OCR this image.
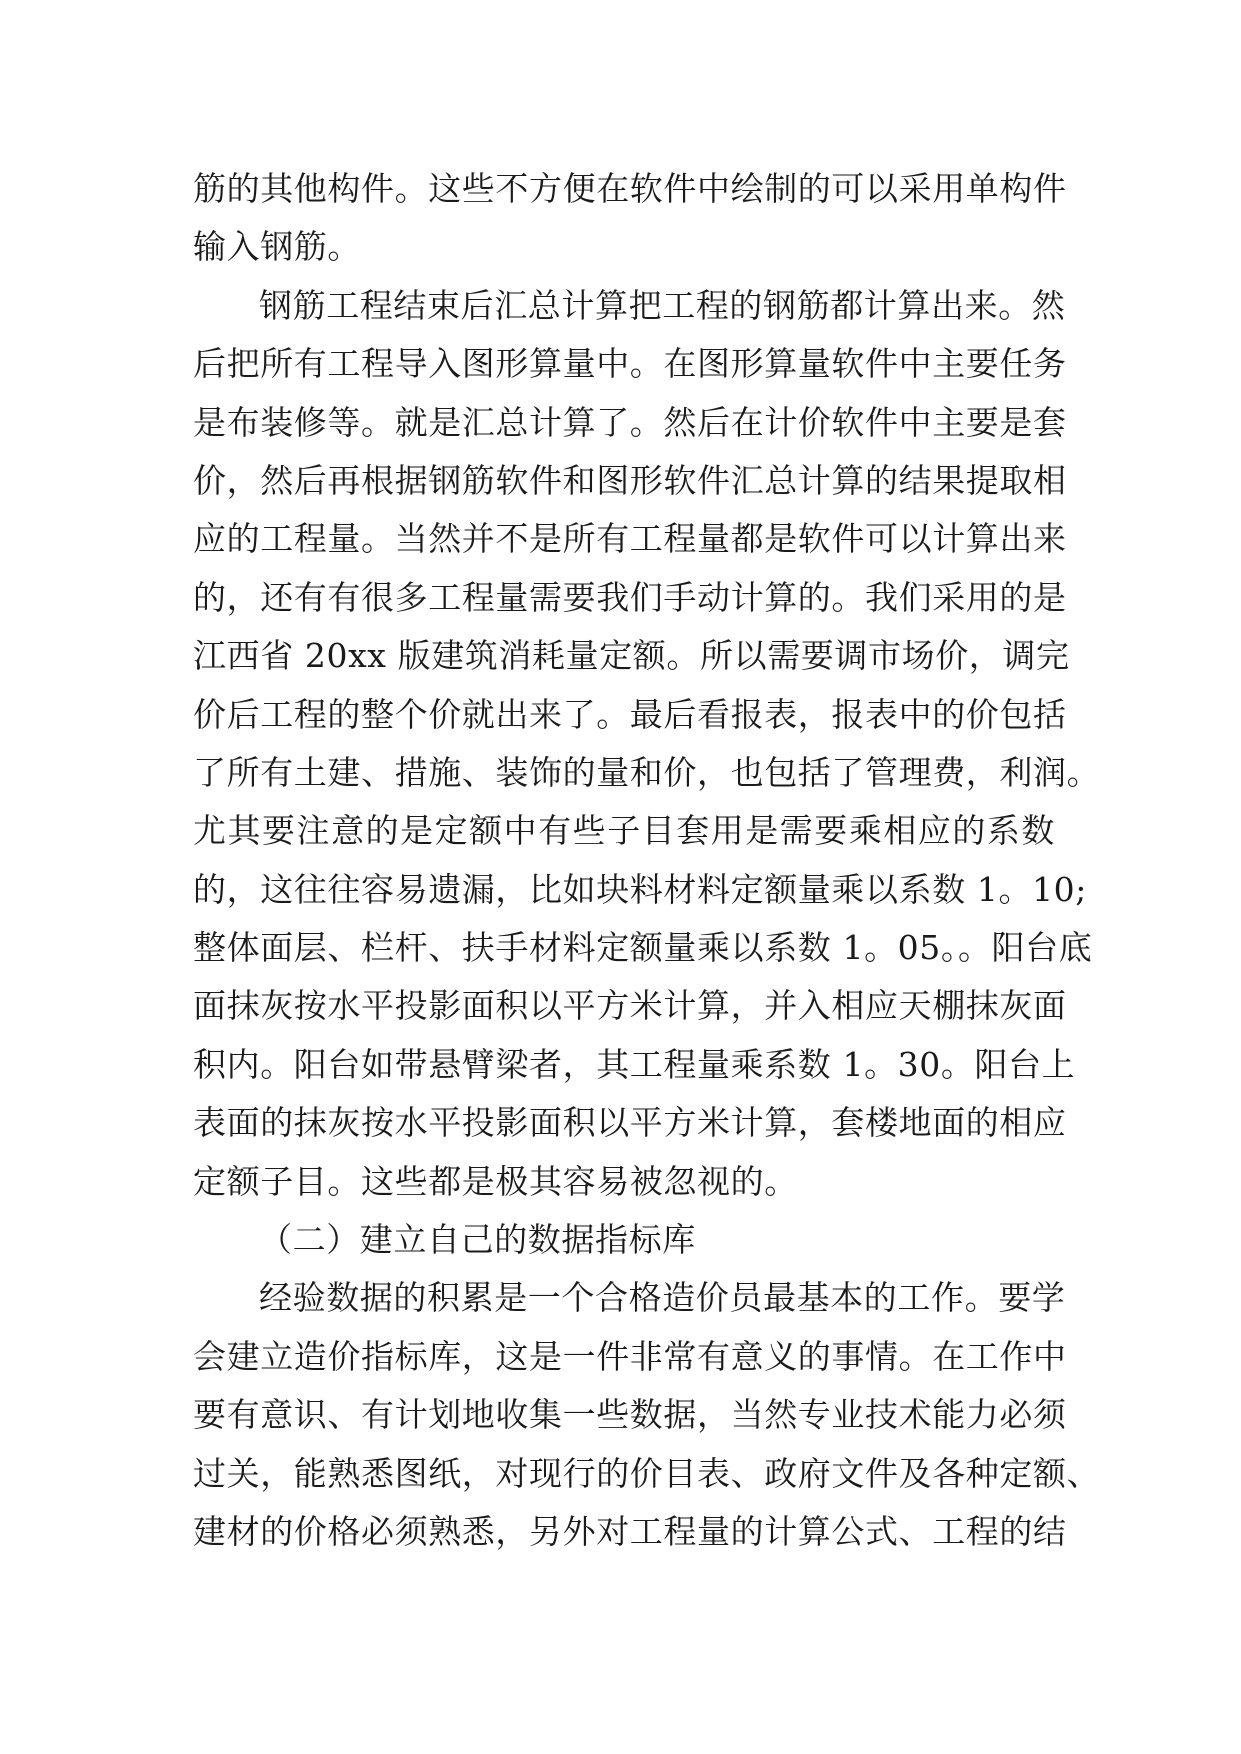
筋的其他构件。这些不方便在软件中绘制的可以采用单构件
输入钢筋。
钢筋工程结束后汇总计算把工程的钢筋都计算出来。然
后把所有工程导入图形算量中。在图形算量软件中主要任务
是布装修等。就是汇总计算了。然后在计价软件中主要是套
价，然后再根据钢筋软件和图形软件汇总计算的结果提取相
应的工程量。当然并不是所有工程量都是软件可以计算出来
的，还有有很多工程量需要我们手动计算的。我们采用的是
江西省 20xx 版建筑消耗量定额。所以需要调市场价，调完
价后工程的整个价就出来了。最后看报表，报表中的价包括
了所有土建、措施、装饰的量和价，也包括了管理费，利润。
尤其要注意的是定额中有些子目套用是需要乘相应的系数
的，这往往容易遗漏，比如块料材料定额量乘以系数 1。10;
整体面层、栏杆、扶手材料定额量乘以系数 1。05。。阳台底
面抹灰按水平投影面积以平方米计算，并入相应天棚抹灰面
积内。阳台如带悬臂梁者，其工程量乘系数 1。30。阳台上
表面的抹灰按水平投影面积以平方米计算，套楼地面的相应
定额子目。这些都是极其容易被忽视的。
（二）建立自己的数据指标库
经验数据的积累是一个合格造价员最基本的工作。要学
会建立造价指标库，这是一件非常有意义的事情。在工作中
要有意识、有计划地收集一些数据，当然专业技术能力必须
过关，能熟悉图纸，对现行的价目表、政府文件及各种定额、
建材的价格必须熟悉，另外对工程量的计算公式、工程的结
